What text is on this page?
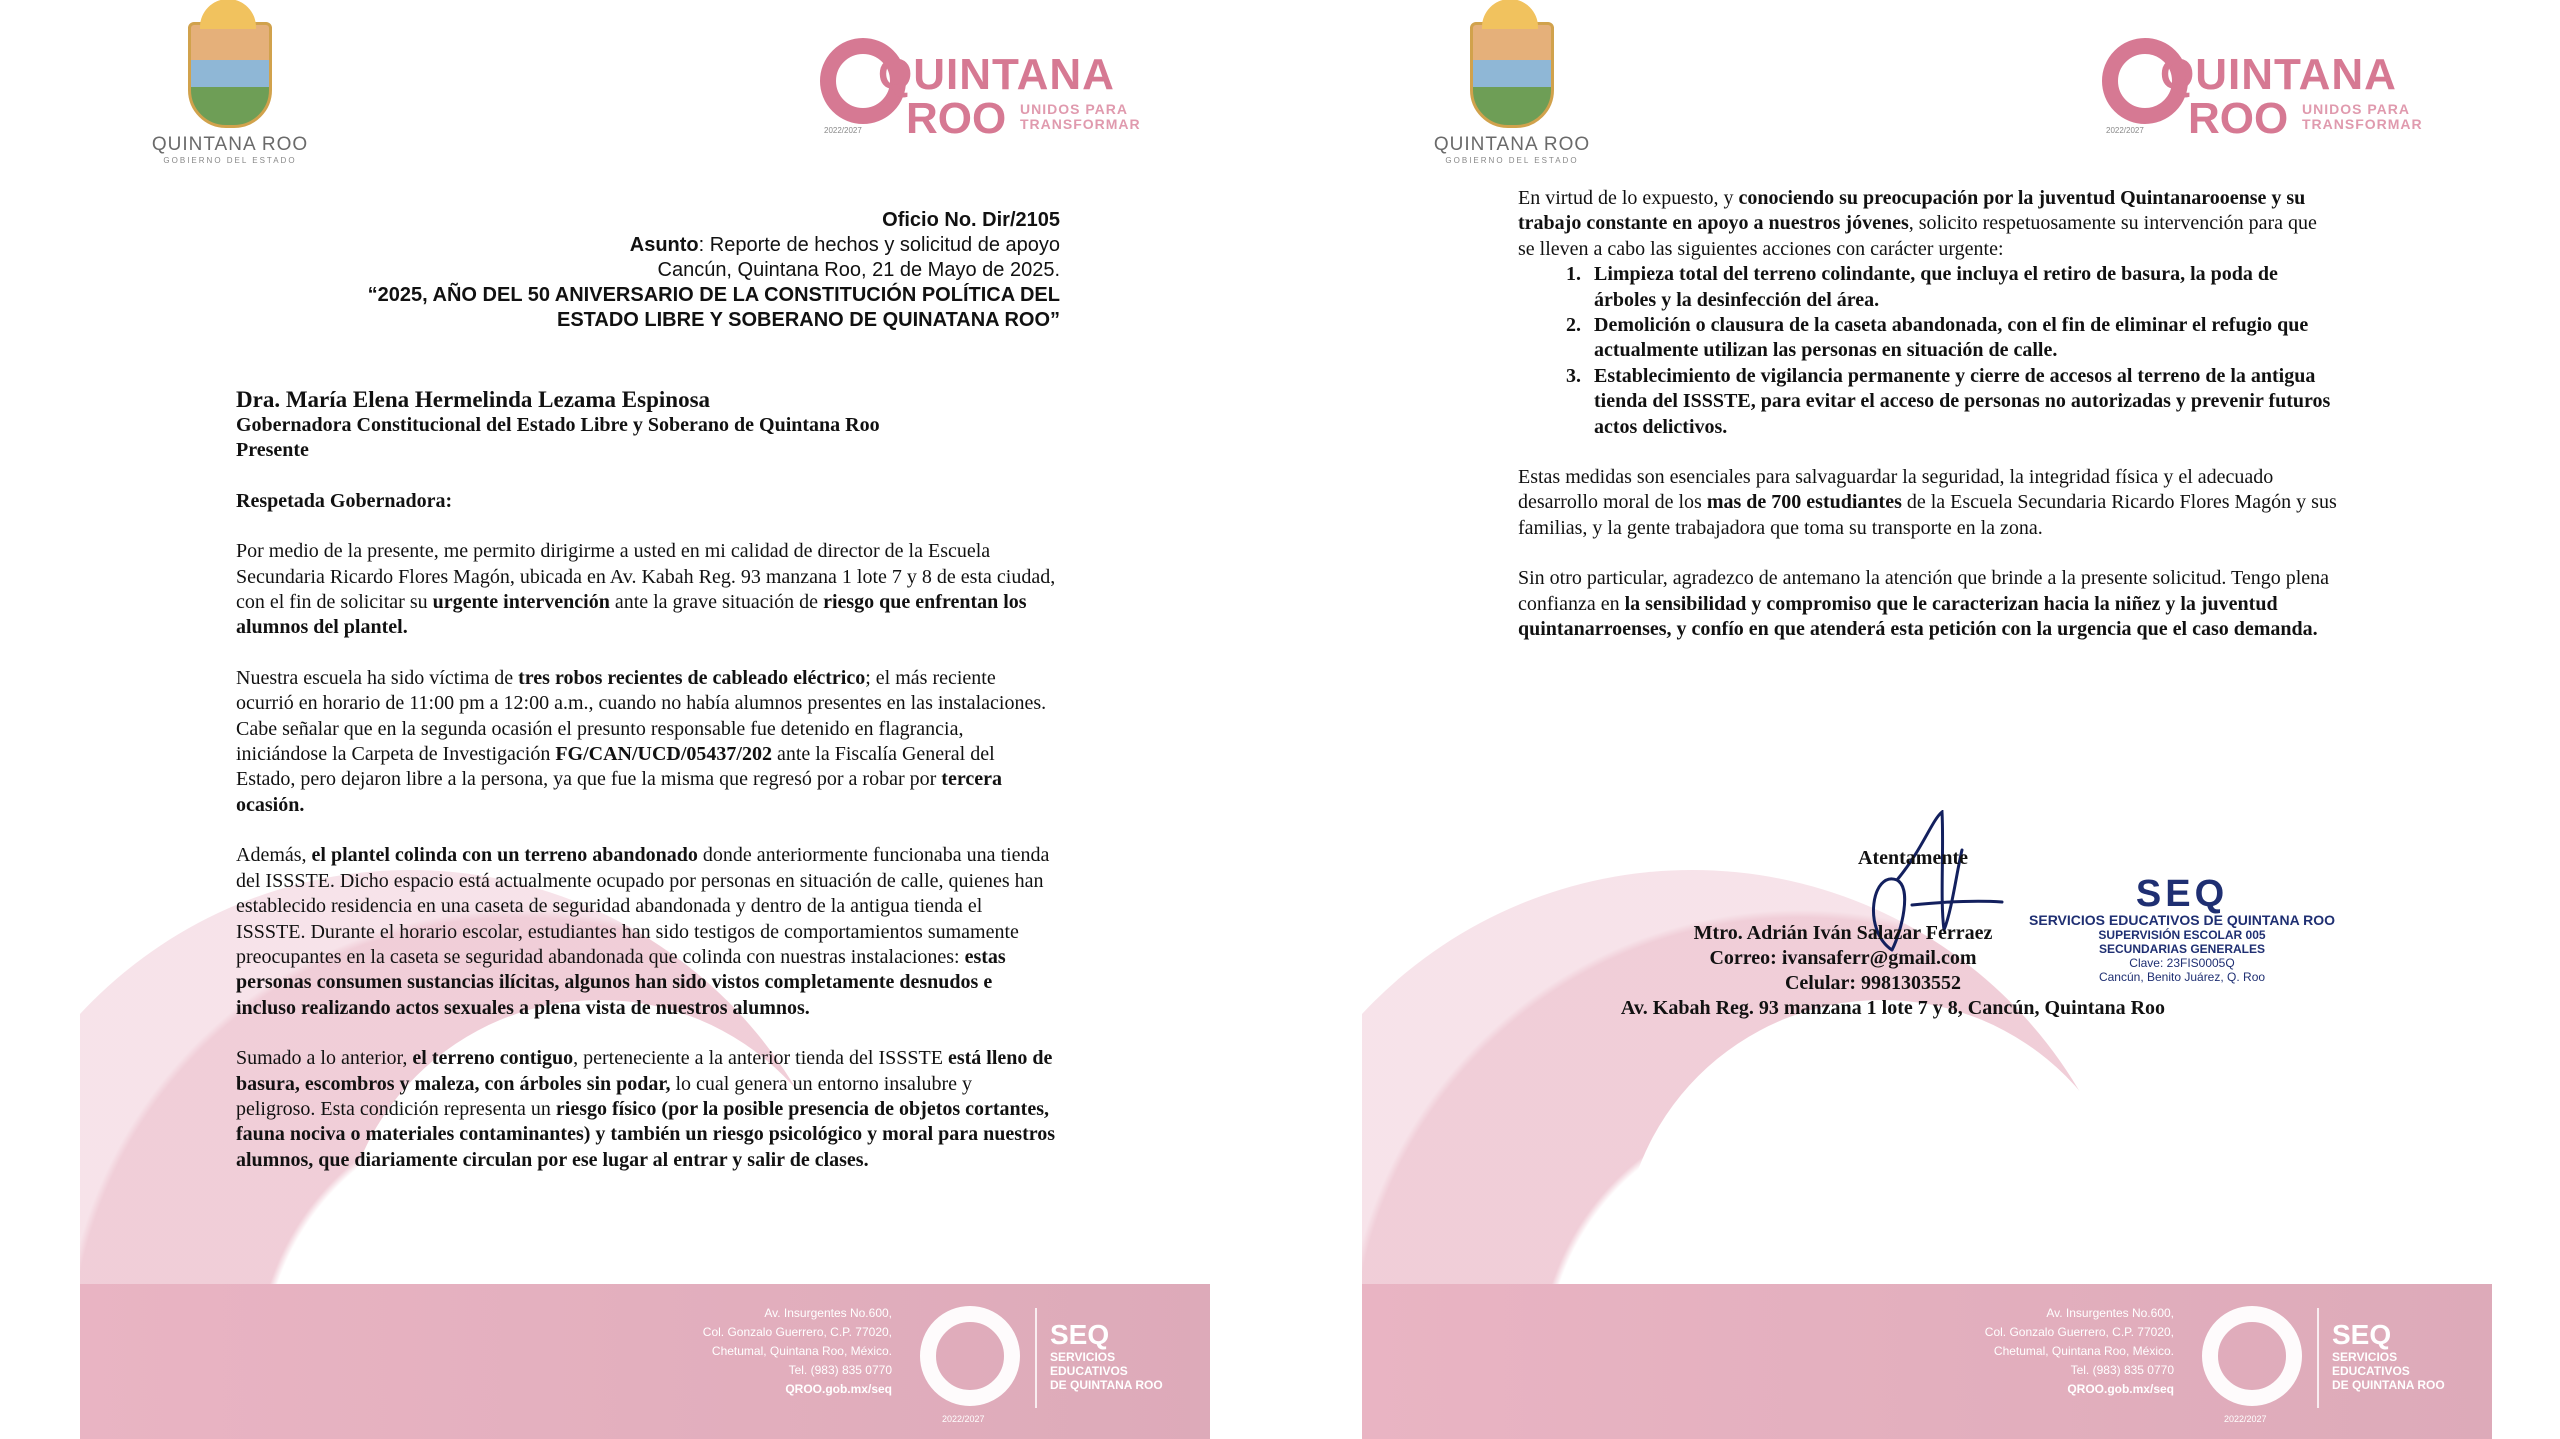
QUINTANA ROO
GOBIERNO DEL ESTADO
QUINTANA
ROO UNIDOS PARA TRANSFORMAR
2022/2027
Oficio No. Dir/2105
Asunto: Reporte de hechos y solicitud de apoyo
Cancún, Quintana Roo, 21 de Mayo de 2025.
“2025, AÑO DEL 50 ANIVERSARIO DE LA CONSTITUCIÓN POLÍTICA DEL
ESTADO LIBRE Y SOBERANO DE QUINATANA ROO”
Dra. María Elena Hermelinda Lezama Espinosa
Gobernadora Constitucional del Estado Libre y Soberano de Quintana Roo
Presente

Respetada Gobernadora:

Por medio de la presente, me permito dirigirme a usted en mi calidad de director de la Escuela Secundaria Ricardo Flores Magón, ubicada en Av. Kabah Reg. 93 manzana 1 lote 7 y 8 de esta ciudad, con el fin de solicitar su urgente intervención ante la grave situación de riesgo que enfrentan los alumnos del plantel.

Nuestra escuela ha sido víctima de tres robos recientes de cableado eléctrico; el más reciente ocurrió en horario de 11:00 pm a 12:00 a.m., cuando no había alumnos presentes en las instalaciones. Cabe señalar que en la segunda ocasión el presunto responsable fue detenido en flagrancia, iniciándose la Carpeta de Investigación FG/CAN/UCD/05437/202 ante la Fiscalía General del Estado, pero dejaron libre a la persona, ya que fue la misma que regresó por a robar por tercera ocasión.

Además, el plantel colinda con un terreno abandonado donde anteriormente funcionaba una tienda del ISSSTE. Dicho espacio está actualmente ocupado por personas en situación de calle, quienes han establecido residencia en una caseta de seguridad abandonada y dentro de la antigua tienda el ISSSTE. Durante el horario escolar, estudiantes han sido testigos de comportamientos sumamente preocupantes en la caseta se seguridad abandonada que colinda con nuestras instalaciones: estas personas consumen sustancias ilícitas, algunos han sido vistos completamente desnudos e incluso realizando actos sexuales a plena vista de nuestros alumnos.

Sumado a lo anterior, el terreno contiguo, perteneciente a la anterior tienda del ISSSTE está lleno de basura, escombros y maleza, con árboles sin podar, lo cual genera un entorno insalubre y peligroso. Esta condición representa un riesgo físico (por la posible presencia de objetos cortantes, fauna nociva o materiales contaminantes) y también un riesgo psicológico y moral para nuestros alumnos, que diariamente circulan por ese lugar al entrar y salir de clases.

Av. Insurgentes No.600,
Col. Gonzalo Guerrero, C.P. 77020,
Chetumal, Quintana Roo, México.
Tel. (983) 835 0770
QROO.gob.mx/seq
2022/2027
SEQ
SERVICIOS
EDUCATIVOS
DE QUINTANA ROO
QUINTANA ROO
GOBIERNO DEL ESTADO
QUINTANA
ROO UNIDOS PARA TRANSFORMAR
2022/2027

En virtud de lo expuesto, y conociendo su preocupación por la juventud Quintanarooense y su trabajo constante en apoyo a nuestros jóvenes, solicito respetuosamente su intervención para que se lleven a cabo las siguientes acciones con carácter urgente:

1. Limpieza total del terreno colindante, que incluya el retiro de basura, la poda de árboles y la desinfección del área.
2. Demolición o clausura de la caseta abandonada, con el fin de eliminar el refugio que actualmente utilizan las personas en situación de calle.
3. Establecimiento de vigilancia permanente y cierre de accesos al terreno de la antigua tienda del ISSSTE, para evitar el acceso de personas no autorizadas y prevenir futuros actos delictivos.

Estas medidas son esenciales para salvaguardar la seguridad, la integridad física y el adecuado desarrollo moral de los mas de 700 estudiantes de la Escuela Secundaria Ricardo Flores Magón y sus familias, y la gente trabajadora que toma su transporte en la zona.

Sin otro particular, agradezco de antemano la atención que brinde a la presente solicitud. Tengo plena confianza en la sensibilidad y compromiso que le caracterizan hacia la niñez y la juventud quintanarroenses, y confío en que atenderá esta petición con la urgencia que el caso demanda.

Atentamente
Mtro. Adrián Iván Salazar Ferraez
Correo: ivansaferr@gmail.com
Celular: 9981303552
Av. Kabah Reg. 93 manzana 1 lote 7 y 8, Cancún, Quintana Roo
SEQ
SERVICIOS EDUCATIVOS DE QUINTANA ROO
SUPERVISIÓN ESCOLAR 005
SECUNDARIAS GENERALES
Clave: 23FIS0005Q
Cancún, Benito Juárez, Q. Roo
Av. Insurgentes No.600,
Col. Gonzalo Guerrero, C.P. 77020,
Chetumal, Quintana Roo, México.
Tel. (983) 835 0770
QROO.gob.mx/seq
2022/2027
SEQ
SERVICIOS
EDUCATIVOS
DE QUINTANA ROO
